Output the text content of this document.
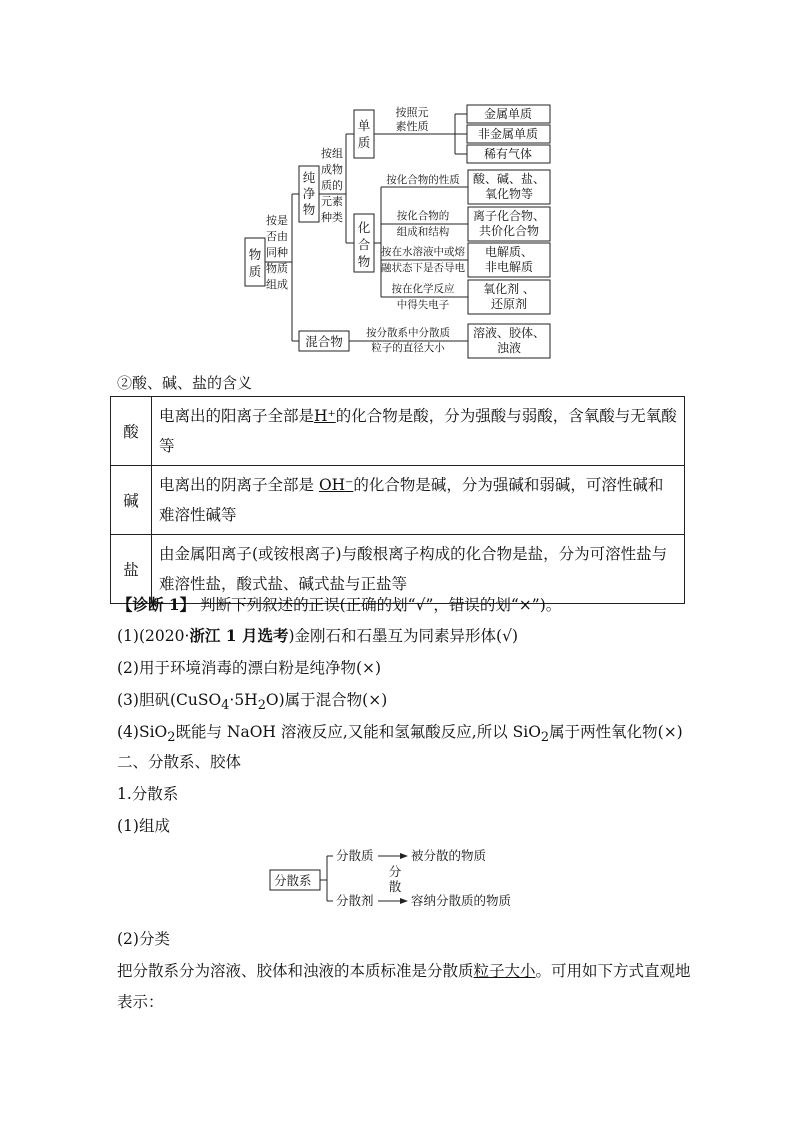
物
质
纯
净
物
混合物
单
质
化
合
物
按是
否由
同种
物质
组成
按组
成物
质的
元素
种类
按照元
素性质
金属单质
非金属单质
稀有气体
按化合物的性质
按化合物的
组成和结构
按在水溶液中或熔
融状态下是否导电
按在化学反应
中得失电子
酸、碱、盐、
氧化物等
离子化合物、
共价化合物
电解质、
非电解质
氧化剂 、
还原剂
按分散系中分散质
粒子的直径大小
溶液、胶体、
浊液
②酸、碱、盐的含义
酸	电离出的阳离子全部是H⁺的化合物是酸，分为强酸与弱酸，含氧酸与无氧酸等
碱	电离出的阴离子全部是 OH⁻的化合物是碱，分为强碱和弱碱，可溶性碱和难溶性碱等
盐	由金属阳离子(或铵根离子)与酸根离子构成的化合物是盐，分为可溶性盐与难溶性盐，酸式盐、碱式盐与正盐等
【诊断 1】 判断下列叙述的正误(正确的划“√”，错误的划“×”)。
(1)(2020·浙江 1 月选考)金刚石和石墨互为同素异形体(√)
(2)用于环境消毒的漂白粉是纯净物(×)
(3)胆矾$(CuSO_4\cdot 5H_2O)$属于混合物(×)
(4)SiO$_2$既能与 NaOH 溶液反应,又能和氢氟酸反应,所以 SiO$_2$属于两性氧化物(×)
二、分散系、胶体
1.分散系
(1)组成
分散系
分散质
分散剂
被分散的物质
容纳分散质的物质
分
散
(2)分类
把分散系分为溶液、胶体和浊液的本质标准是分散质粒子大小。可用如下方式直观地表示：
